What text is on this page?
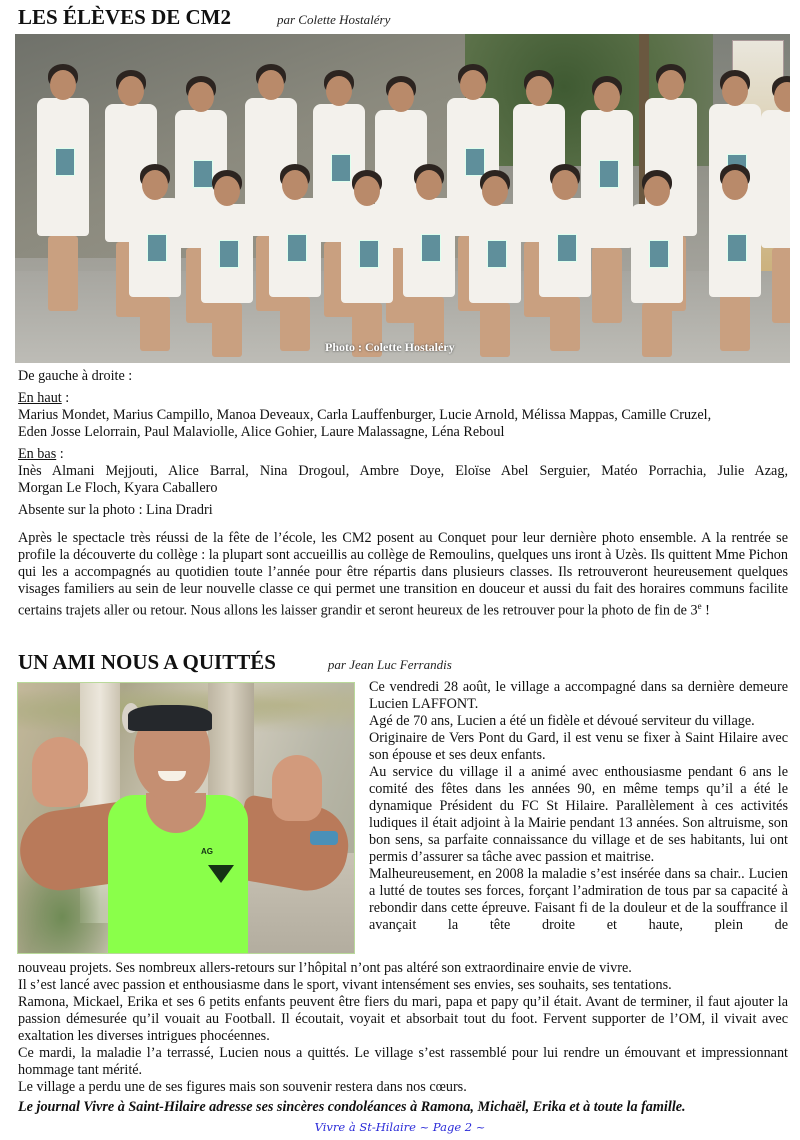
LES ÉLÈVES DE CM2	par Colette Hostaléry
Photo : Colette Hostaléry
De gauche à droite :
En haut :
Marius Mondet, Marius Campillo, Manoa Deveaux, Carla Lauffenburger, Lucie Arnold, Mélissa Mappas, Camille Cruzel,
Eden Josse Lelorrain, Paul Malaviolle, Alice Gohier, Laure Malassagne, Léna Reboul
En bas :
Inès Almani Mejjouti, Alice Barral, Nina Drogoul, Ambre Doye, Eloïse Abel Serguier, Matéo Porrachia, Julie Azag,
Morgan Le Floch, Kyara Caballero
Absente sur la photo : Lina Dradri
Après le spectacle très réussi de la fête de l’école, les CM2 posent au Conquet pour leur dernière photo ensemble. A la rentrée se profile la découverte du collège : la plupart sont accueillis au collège de Remoulins, quelques uns iront à Uzès. Ils quittent Mme Pichon qui les a accompagnés au quotidien toute l’année pour être répartis dans plusieurs classes. Ils retrouveront heureusement quelques visages familiers au sein de leur nouvelle classe ce qui permet une transition en douceur et aussi du fait des horaires communs facilite certains trajets aller ou retour. Nous allons les laisser grandir et seront heureux de les retrouver pour la photo de fin de 3e !
UN AMI NOUS A QUITTÉS	par Jean Luc Ferrandis
AG
Ce vendredi 28 août, le village a accompagné dans sa dernière demeure Lucien LAFFONT.
Agé de 70 ans, Lucien a été un fidèle et dévoué serviteur du village.
Originaire de Vers Pont du Gard, il est venu se fixer à Saint Hilaire avec son épouse et ses deux enfants.
Au service du village il a animé avec enthousiasme pendant 6 ans le comité des fêtes dans les années 90, en même temps qu’il a été le dynamique Président du FC St Hilaire. Parallèlement à ces activités ludiques il était adjoint à la Mairie pendant 13 années. Son altruisme, son bon sens, sa parfaite connaissance du village et de ses habitants, lui ont permis d’assurer sa tâche avec passion et maitrise.
Malheureusement, en 2008 la maladie s’est insérée dans sa chair.. Lucien a lutté de toutes ses forces, forçant l’admiration de tous par sa capacité à rebondir dans cette épreuve. Faisant fi de la douleur et de la souffrance il avançait la tête droite et haute, plein de
nouveau projets. Ses nombreux allers-retours sur l’hôpital n’ont pas altéré son extraordinaire envie de vivre.
Il s’est lancé avec passion et enthousiasme dans le sport, vivant intensément ses envies, ses souhaits, ses tentations.
Ramona, Mickael, Erika et ses 6 petits enfants peuvent être fiers du mari, papa et papy qu’il était. Avant de terminer, il faut ajouter la passion démesurée qu’il vouait au Football. Il écoutait, voyait et absorbait tout du foot. Fervent supporter de l’OM, il vivait avec exaltation les diverses intrigues phocéennes.
Ce mardi, la maladie l’a terrassé, Lucien nous a quittés. Le village s’est rassemblé pour lui rendre un émouvant et impressionnant hommage tant mérité.
Le village a perdu une de ses figures mais son souvenir restera dans nos cœurs.
Le journal Vivre à Saint-Hilaire adresse ses sincères condoléances à Ramona, Michaël, Erika et à toute la famille.
Vivre à St-Hilaire ~ Page 2 ~
